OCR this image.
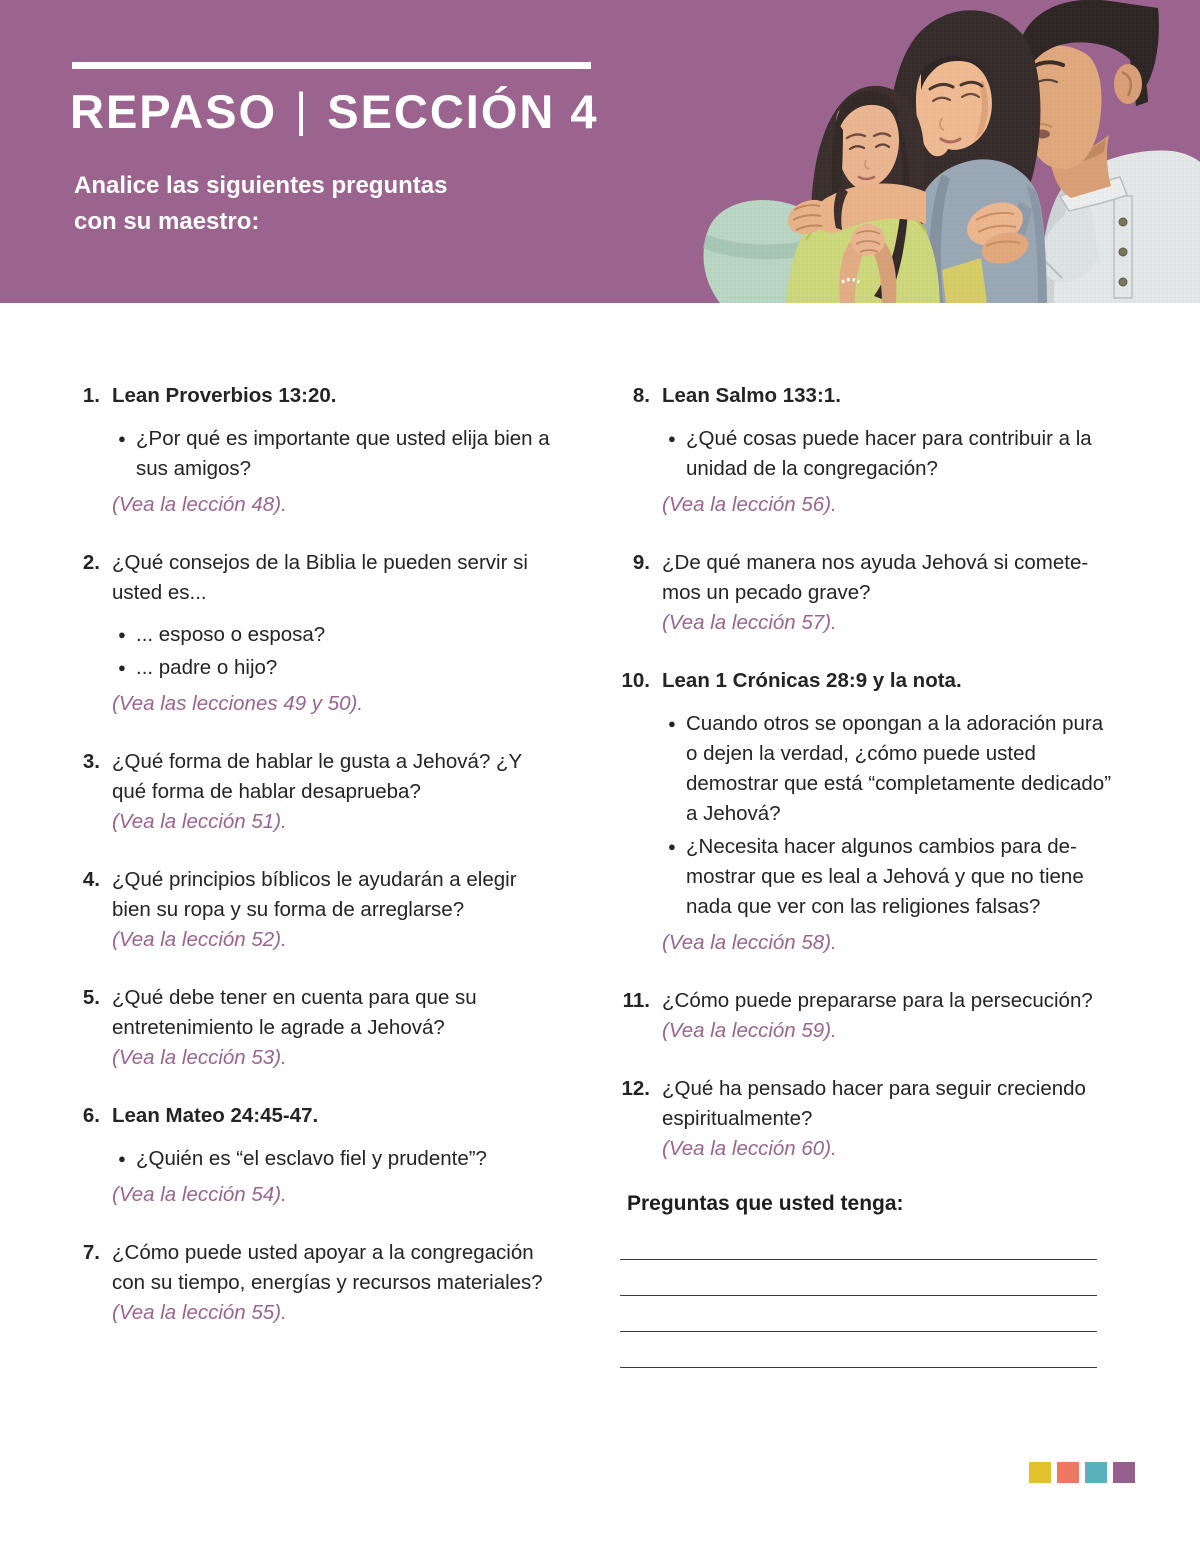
REPASO | SECCIÓN 4

Analice las siguientes preguntas
con su maestro:

1. Lean Proverbios 13:20.

● ¿Por qué es importante que usted elija bien a sus amigos?

(Vea la lección 48).

2. ¿Qué consejos de la Biblia le pueden servir si usted es...

● ... esposo o esposa?

● ... padre o hijo?

(Vea las lecciones 49 y 50).

3. ¿Qué forma de hablar le gusta a Jehová? ¿Y qué forma de hablar desaprueba?

(Vea la lección 51).

4. ¿Qué principios bíblicos le ayudarán a elegir bien su ropa y su forma de arreglarse?

(Vea la lección 52).

5. ¿Qué debe tener en cuenta para que su entretenimiento le agrade a Jehová?

(Vea la lección 53).

6. Lean Mateo 24:45-47.

● ¿Quién es “el esclavo fiel y prudente”?

(Vea la lección 54).

7. ¿Cómo puede usted apoyar a la congregación con su tiempo, energías y recursos materiales?

(Vea la lección 55).

8. Lean Salmo 133:1.

● ¿Qué cosas puede hacer para contribuir a la unidad de la congregación?

(Vea la lección 56).

9. ¿De qué manera nos ayuda Jehová si cometemos un pecado grave?

(Vea la lección 57).

10. Lean 1 Crónicas 28:9 y la nota.

● Cuando otros se opongan a la adoración pura o dejen la verdad, ¿cómo puede usted demostrar que está “completamente dedicado” a Jehová?

● ¿Necesita hacer algunos cambios para demostrar que es leal a Jehová y que no tiene nada que ver con las religiones falsas?

(Vea la lección 58).

11. ¿Cómo puede prepararse para la persecución?

(Vea la lección 59).

12. ¿Qué ha pensado hacer para seguir creciendo espiritualmente?

(Vea la lección 60).

Preguntas que usted tenga:
